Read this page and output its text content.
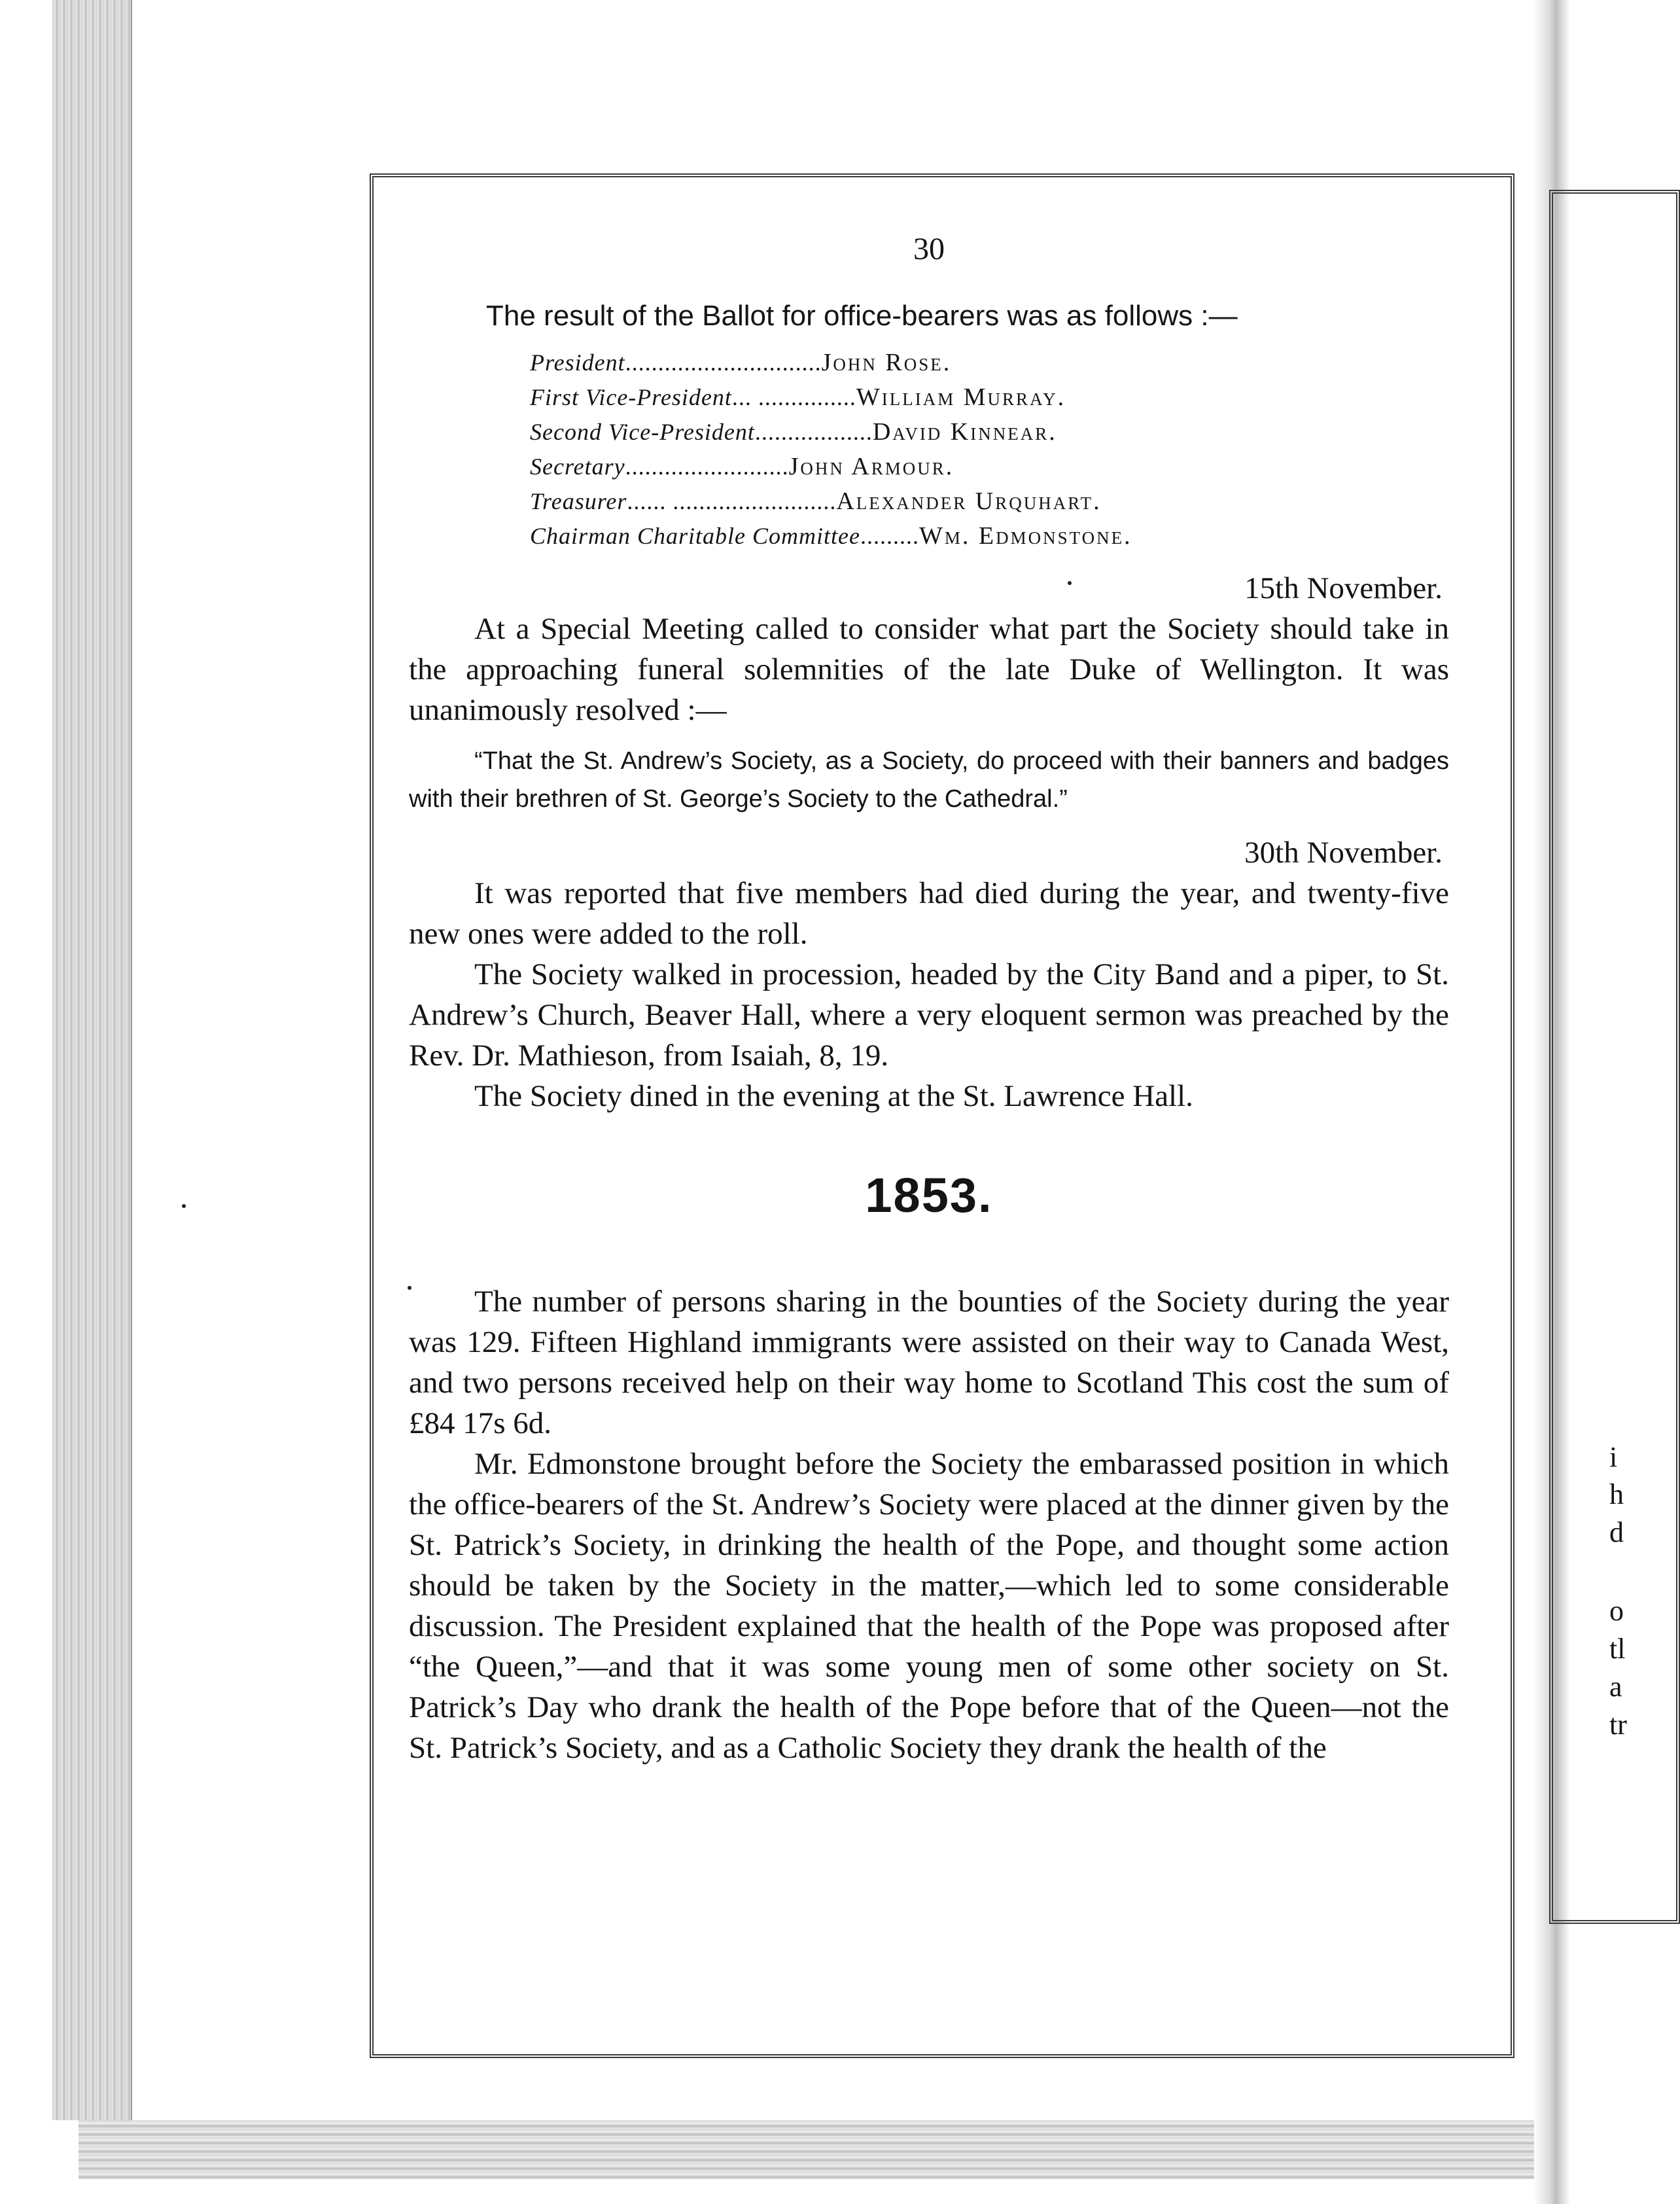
i
h
d
o
tl
a
tr
30
The result of the Ballot for office-bearers was as follows :—
President..............................John Rose.
First Vice-President... ...............William Murray.
Second Vice-President..................David Kinnear.
Secretary.........................John Armour.
Treasurer...... .........................Alexander Urquhart.
Chairman Charitable Committee.........Wm. Edmonstone.
15th November.

At a Special Meeting called to consider what part the Society should take in the approaching funeral solemnities of the late Duke of Wellington. It was unanimously resolved :—

“That the St. Andrew’s Society, as a Society, do proceed with their banners and badges with their brethren of St. George’s Society to the Cathedral.”

30th November.

It was reported that five members had died during the year, and twenty-five new ones were added to the roll.

The Society walked in procession, headed by the City Band and a piper, to St. Andrew’s Church, Beaver Hall, where a very eloquent sermon was preached by the Rev. Dr. Mathieson, from Isaiah, 8, 19.

The Society dined in the evening at the St. Lawrence Hall.

1853.

The number of persons sharing in the bounties of the Society during the year was 129. Fifteen Highland immigrants were assisted on their way to Canada West, and two persons received help on their way home to Scotland This cost the sum of £84 17s 6d.

Mr. Edmonstone brought before the Society the embarassed position in which the office-bearers of the St. Andrew’s Society were placed at the dinner given by the St. Patrick’s Society, in drinking the health of the Pope, and thought some action should be taken by the Society in the matter,—which led to some considerable discussion. The President explained that the health of the Pope was proposed after “the Queen,”—and that it was some young men of some other society on St. Patrick’s Day who drank the health of the Pope before that of the Queen—not the St. Patrick’s Society, and as a Catholic Society they drank the health of the
